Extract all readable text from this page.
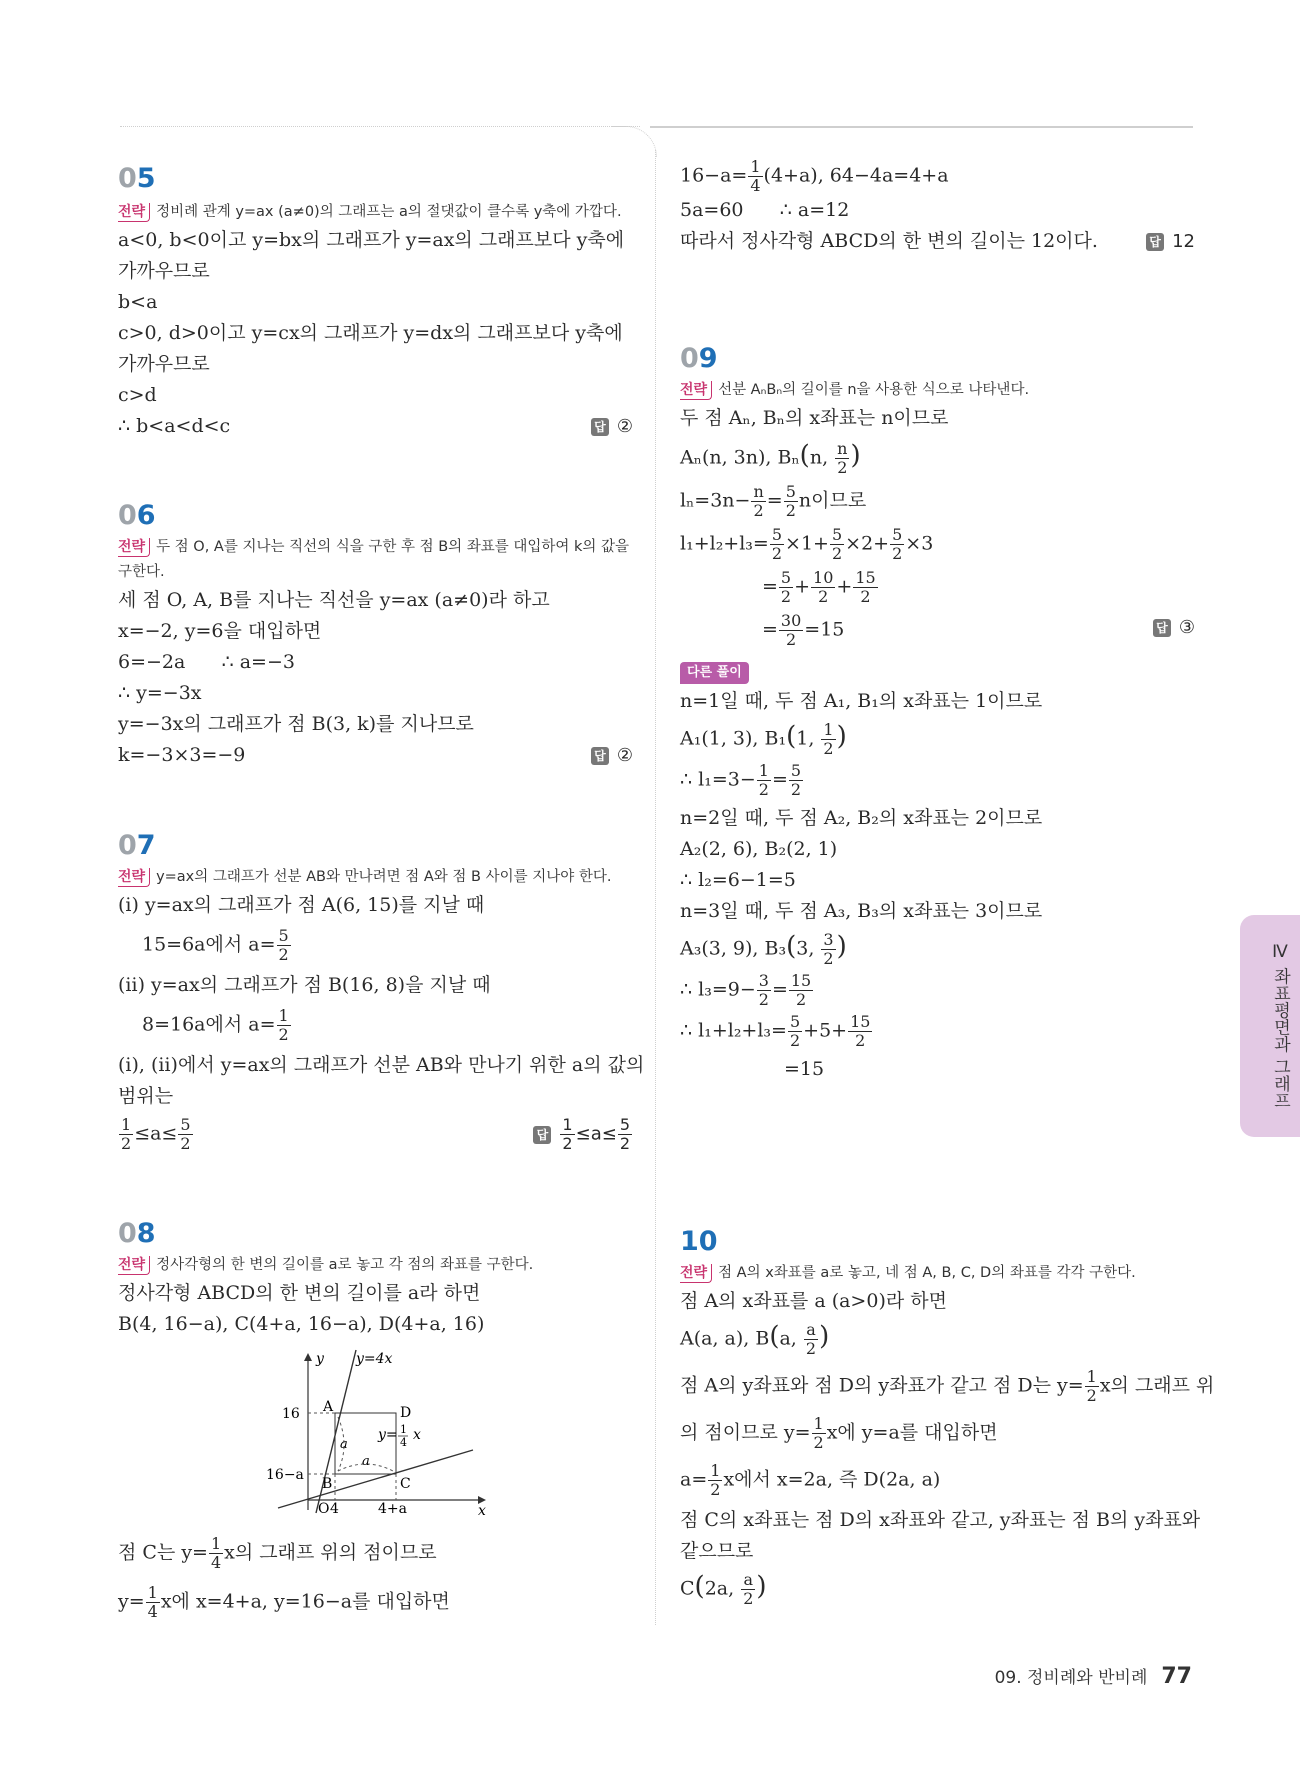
05
전략 정비례 관계 y=ax (a≠0)의 그래프는 a의 절댓값이 클수록 y축에 가깝다.
a<0, b<0이고 y=bx의 그래프가 y=ax의 그래프보다 y축에
가까우므로
b<a
c>0, d>0이고 y=cx의 그래프가 y=dx의 그래프보다 y축에
가까우므로
c>d
∴ b<a<d<c	답 ②
06
전략 두 점 O, A를 지나는 직선의 식을 구한 후 점 B의 좌표를 대입하여 k의 값을
구한다.
세 점 O, A, B를 지나는 직선을 y=ax (a≠0)라 하고
x=−2, y=6을 대입하면
6=−2a      ∴ a=−3
∴ y=−3x
y=−3x의 그래프가 점 B(3, k)를 지나므로
k=−3×3=−9	답 ②
07
전략 y=ax의 그래프가 선분 AB와 만나려면 점 A와 점 B 사이를 지나야 한다.
(ⅰ) y=ax의 그래프가 점 A(6, 15)를 지날 때
15=6a에서 $a= \frac{5}{2}$
(ⅱ) y=ax의 그래프가 점 B(16, 8)을 지날 때
8=16a에서 $a= \frac{1}{2}$
(ⅰ), (ⅱ)에서 y=ax의 그래프가 선분 AB와 만나기 위한 a의 값의
범위는
$\frac{1}{2} \le a\le \frac{5}{2}$	답 $\frac{1}{2} \le a\le \frac{5}{2}$
08
전략 정사각형의 한 변의 길이를 a로 놓고 각 점의 좌표를 구한다.
정사각형 ABCD의 한 변의 길이를 a라 하면
B(4, 16−a), C(4+a, 16−a), D(4+a, 16)
y
x
y=4x
y= 1
4 x
A	D
B	C
O 4	4+a
16
16−a
a
a
점 C는 $y= \frac{1}{4}$ x의 그래프 위의 점이므로
$y= \frac{1}{4}$ x에 x=4+a, y=16−a를 대입하면
$16-a= \frac{1}{4} (4+a)$, 64−4a=4+a
5a=60      ∴ a=12
따라서 정사각형 ABCD의 한 변의 길이는 12이다.	답 12
09
전략 선분 AₙBₙ의 길이를 n을 사용한 식으로 나타낸다.
두 점 Aₙ, Bₙ의 x좌표는 n이므로
Aₙ(n, 3n), Bₙ(n, $\frac{n}{2}$ )
$l_n=3n- \frac{n}{2} = \frac{5}{2}$ n이므로
$l_1+l_2+l_3= \frac{5}{2} \times 1+ \frac{5}{2} \times 2+ \frac{5}{2} \times 3$
= $\frac{5}{2} + \frac{10}{2} + \frac{15}{2}$
= $\frac{30}{2} =15$	답 ③
다른 풀이
n=1일 때, 두 점 A₁, B₁의 x좌표는 1이므로
A₁(1, 3), B₁(1, $\frac{1}{2}$ )
∴ $l_1=3- \frac{1}{2} = \frac{5}{2}$
n=2일 때, 두 점 A₂, B₂의 x좌표는 2이므로
A₂(2, 6), B₂(2, 1)
∴ l₂=6−1=5
n=3일 때, 두 점 A₃, B₃의 x좌표는 3이므로
A₃(3, 9), B₃(3, $\frac{3}{2}$ )
∴ $l_3=9- \frac{3}{2} = \frac{15}{2}$
∴ $l_1+l_2+l_3= \frac{5}{2} +5+ \frac{15}{2}$
=15
10
전략 점 A의 x좌표를 a로 놓고, 네 점 A, B, C, D의 좌표를 각각 구한다.
점 A의 x좌표를 a (a>0)라 하면
A(a, a), B(a, $\frac{a}{2}$ )
점 A의 y좌표와 점 D의 y좌표가 같고 점 D는 $y= \frac{1}{2}$ x의 그래프 위
의 점이므로 $y= \frac{1}{2}$ x에 y=a를 대입하면
$a= \frac{1}{2}$ x에서 x=2a, 즉 D(2a, a)
점 C의 x좌표는 점 D의 x좌표와 같고, y좌표는 점 B의 y좌표와
같으므로
C(2a, $\frac{a}{2}$ )
Ⅳ 좌표평면과 그래프
09. 정비례와 반비례 77
